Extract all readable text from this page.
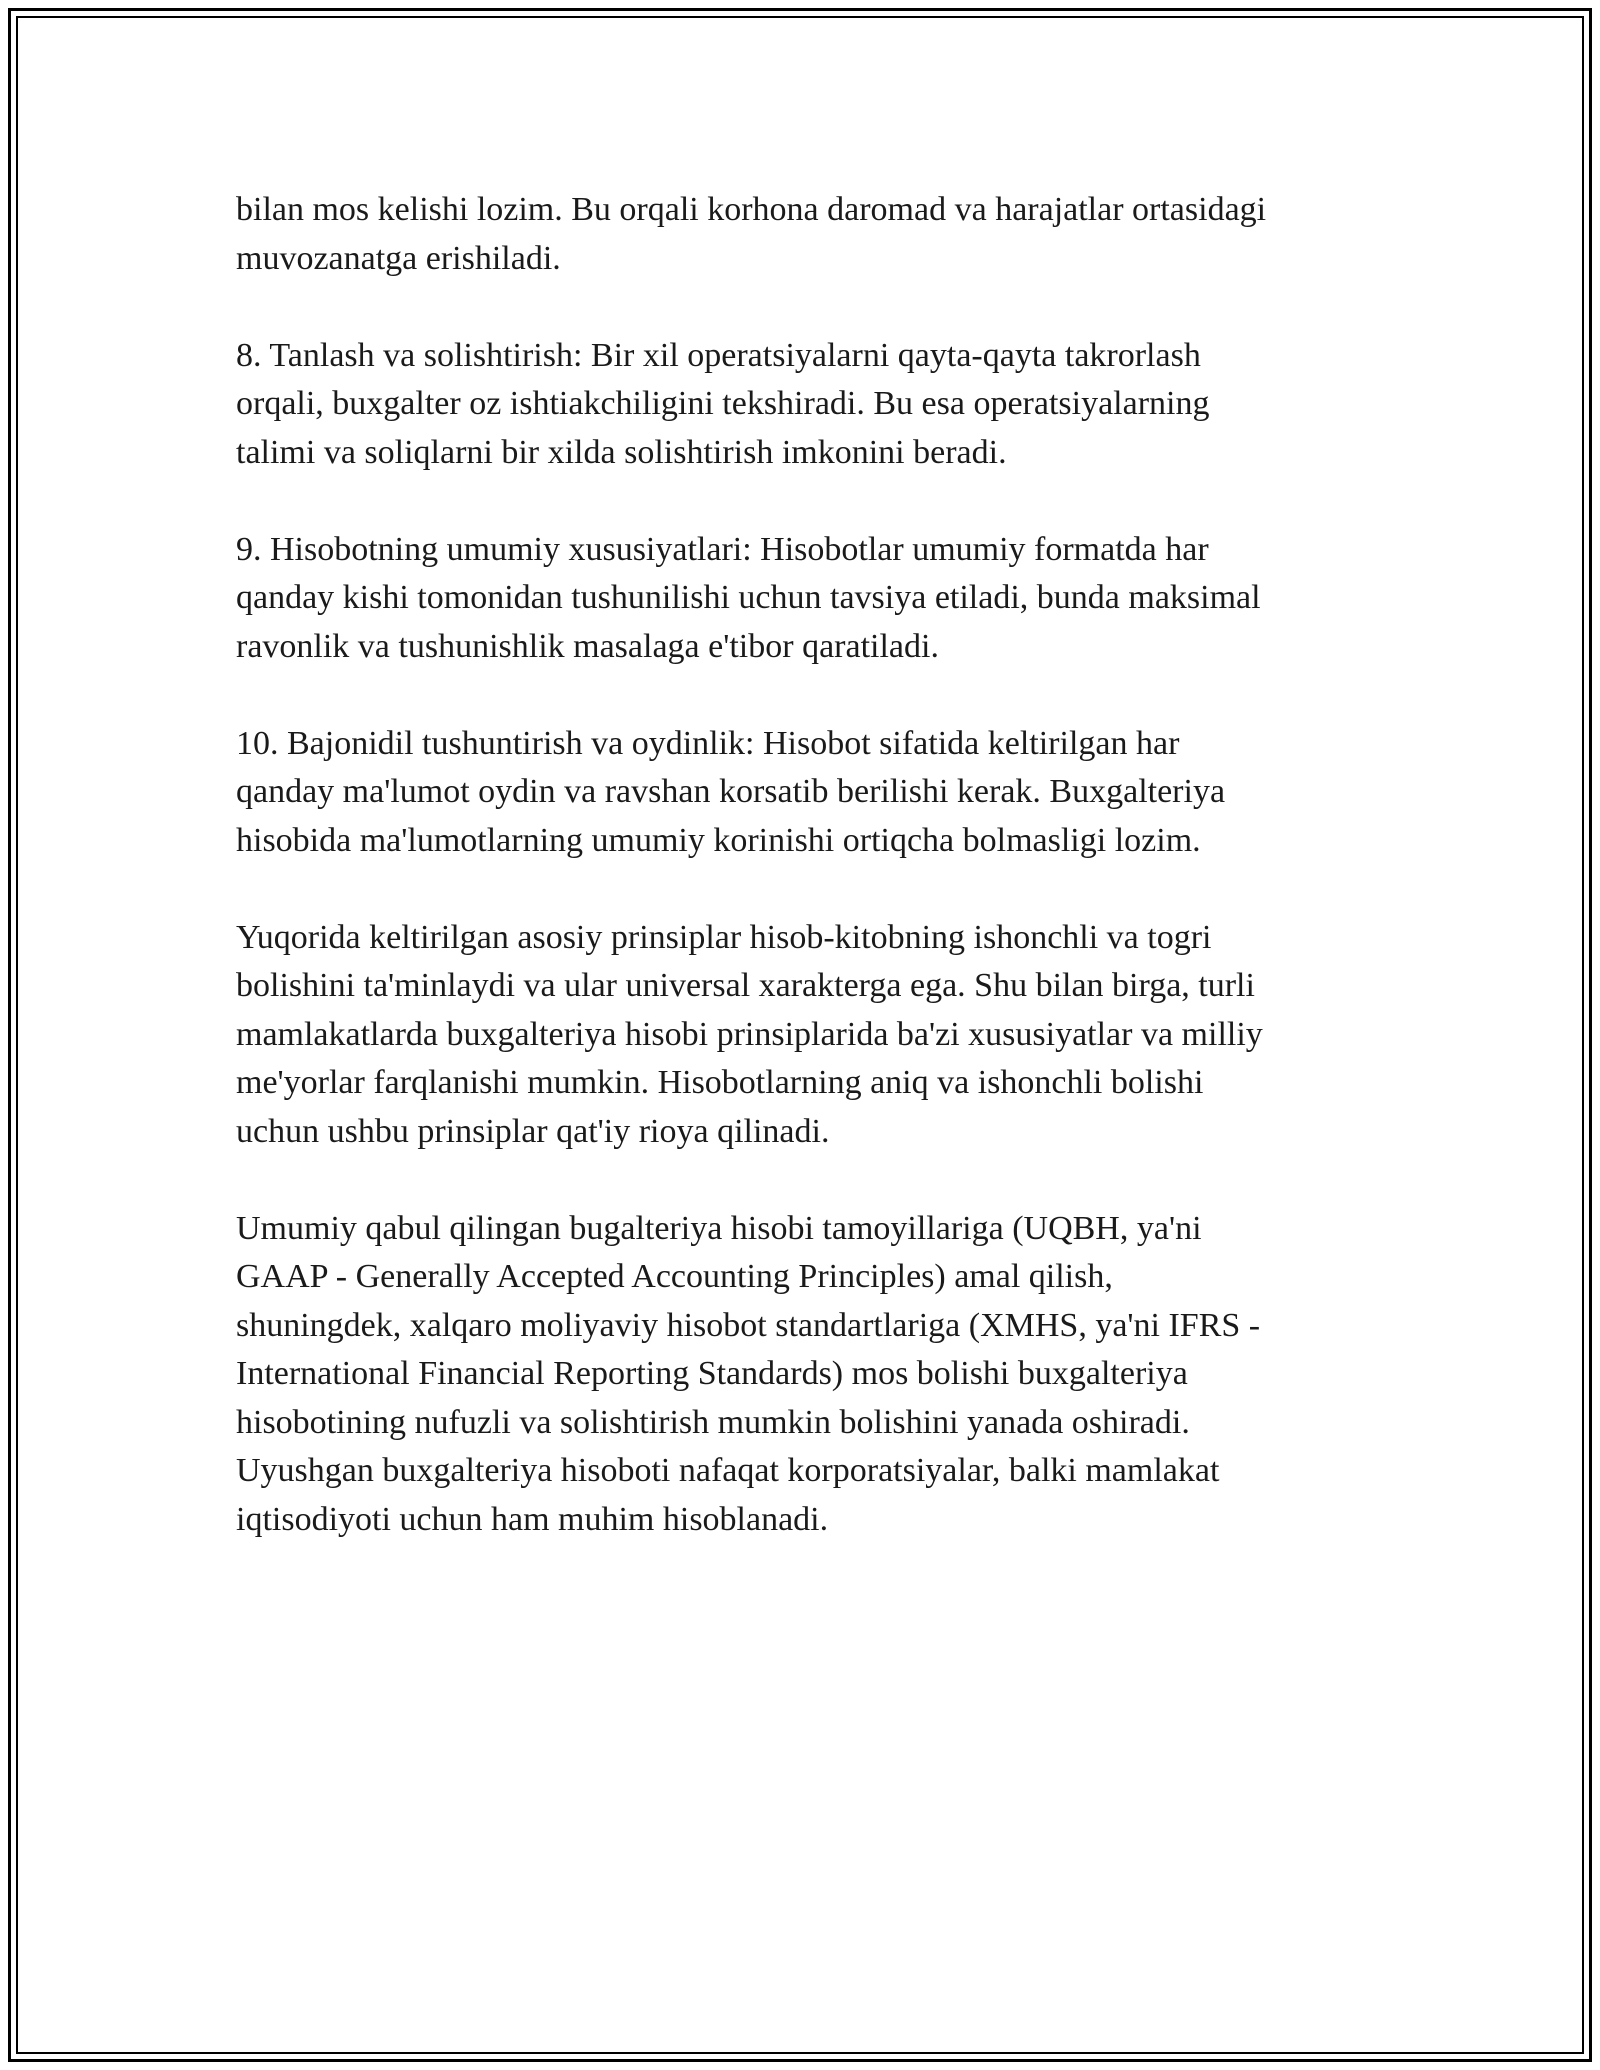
bilan mos kelishi lozim. Bu orqali korhona daromad va harajatlar ortasidagi
muvozanatga erishiladi.

8. Tanlash va solishtirish: Bir xil operatsiyalarni qayta-qayta takrorlash
orqali, buxgalter oz ishtiakchiligini tekshiradi. Bu esa operatsiyalarning
talimi va soliqlarni bir xilda solishtirish imkonini beradi.

9. Hisobotning umumiy xususiyatlari: Hisobotlar umumiy formatda har
qanday kishi tomonidan tushunilishi uchun tavsiya etiladi, bunda maksimal
ravonlik va tushunishlik masalaga e'tibor qaratiladi.

10. Bajonidil tushuntirish va oydinlik: Hisobot sifatida keltirilgan har
qanday ma'lumot oydin va ravshan korsatib berilishi kerak. Buxgalteriya
hisobida ma'lumotlarning umumiy korinishi ortiqcha bolmasligi lozim.

Yuqorida keltirilgan asosiy prinsiplar hisob-kitobning ishonchli va togri
bolishini ta'minlaydi va ular universal xarakterga ega. Shu bilan birga, turli
mamlakatlarda buxgalteriya hisobi prinsiplarida ba'zi xususiyatlar va milliy
me'yorlar farqlanishi mumkin. Hisobotlarning aniq va ishonchli bolishi
uchun ushbu prinsiplar qat'iy rioya qilinadi.

Umumiy qabul qilingan bugalteriya hisobi tamoyillariga (UQBH, ya'ni
GAAP - Generally Accepted Accounting Principles) amal qilish,
shuningdek, xalqaro moliyaviy hisobot standartlariga (XMHS, ya'ni IFRS -
International Financial Reporting Standards) mos bolishi buxgalteriya
hisobotining nufuzli va solishtirish mumkin bolishini yanada oshiradi.
Uyushgan buxgalteriya hisoboti nafaqat korporatsiyalar, balki mamlakat
iqtisodiyoti uchun ham muhim hisoblanadi.
